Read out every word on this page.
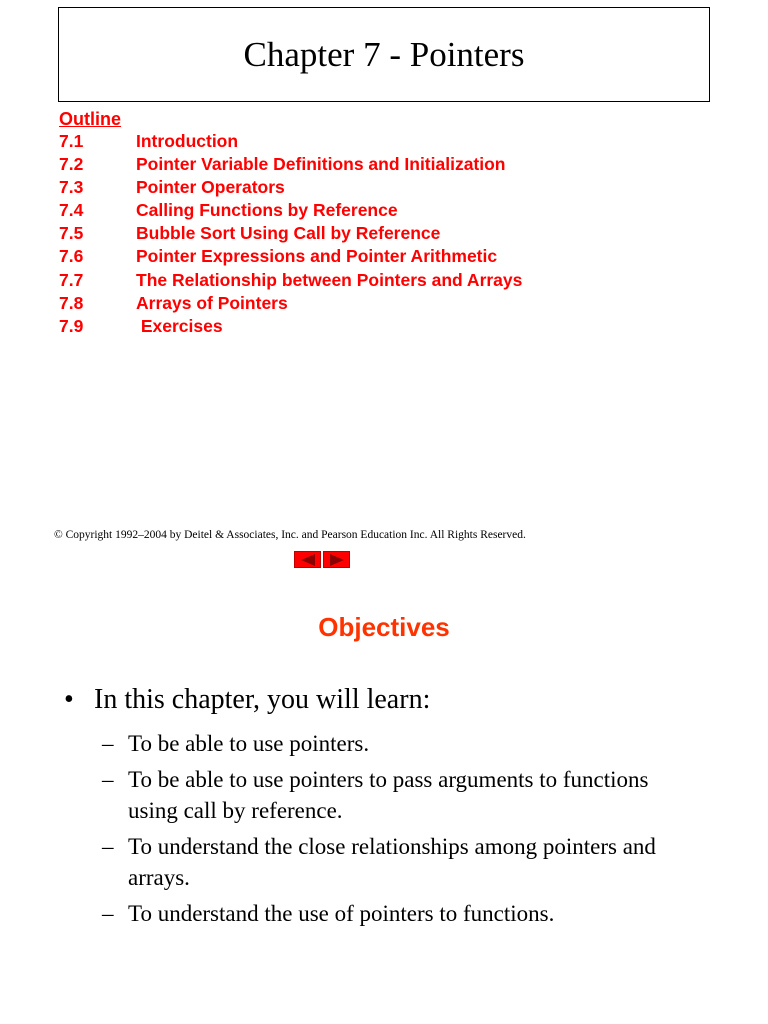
Chapter 7 - Pointers
Outline
7.1	Introduction
7.2	Pointer Variable Definitions and Initialization
7.3	Pointer Operators
7.4	Calling Functions by Reference
7.5	Bubble Sort Using Call by Reference
7.6	Pointer Expressions and Pointer Arithmetic
7.7	The Relationship between Pointers and Arrays
7.8	Arrays of Pointers
7.9	Exercises
© Copyright 1992–2004 by Deitel & Associates, Inc. and Pearson Education Inc. All Rights Reserved.
Objectives
• In this chapter, you will learn:
– To be able to use pointers.
– To be able to use pointers to pass arguments to functions using call by reference.
– To understand the close relationships among pointers and arrays.
– To understand the use of pointers to functions.
